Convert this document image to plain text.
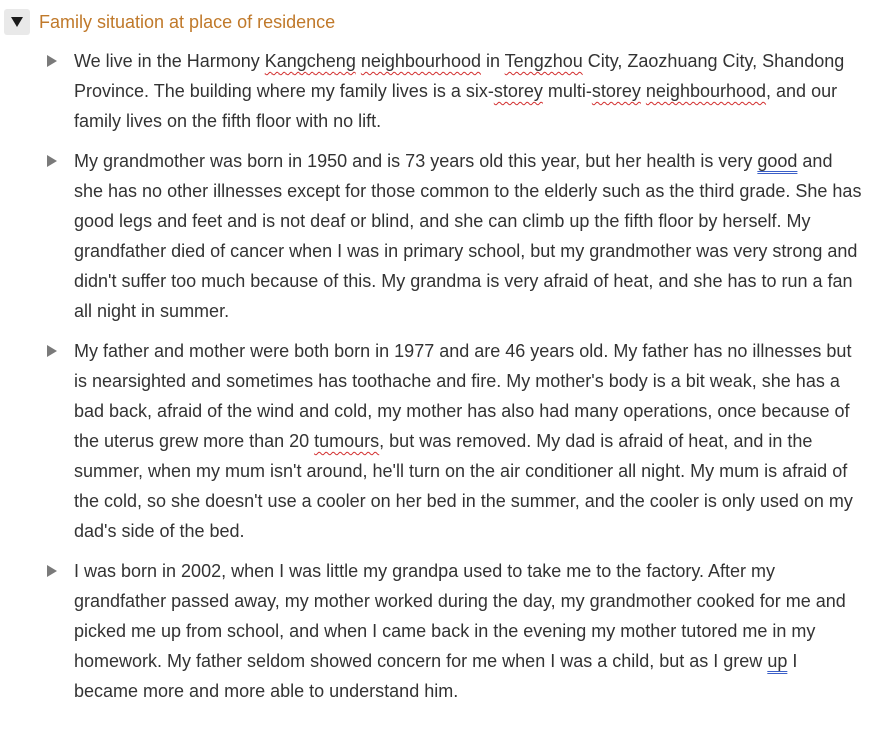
Family situation at place of residence
We live in the Harmony Kangcheng neighbourhood in Tengzhou City, Zaozhuang City, Shandong Province. The building where my family lives is a six-storey multi-storey neighbourhood, and our family lives on the fifth floor with no lift.
My grandmother was born in 1950 and is 73 years old this year, but her health is very good and she has no other illnesses except for those common to the elderly such as the third grade. She has good legs and feet and is not deaf or blind, and she can climb up the fifth floor by herself. My grandfather died of cancer when I was in primary school, but my grandmother was very strong and didn't suffer too much because of this. My grandma is very afraid of heat, and she has to run a fan all night in summer.
My father and mother were both born in 1977 and are 46 years old. My father has no illnesses but is nearsighted and sometimes has toothache and fire. My mother's body is a bit weak, she has a bad back, afraid of the wind and cold, my mother has also had many operations, once because of the uterus grew more than 20 tumours, but was removed. My dad is afraid of heat, and in the summer, when my mum isn't around, he'll turn on the air conditioner all night. My mum is afraid of the cold, so she doesn't use a cooler on her bed in the summer, and the cooler is only used on my dad's side of the bed.
I was born in 2002, when I was little my grandpa used to take me to the factory. After my grandfather passed away, my mother worked during the day, my grandmother cooked for me and picked me up from school, and when I came back in the evening my mother tutored me in my homework. My father seldom showed concern for me when I was a child, but as I grew up I became more and more able to understand him.
